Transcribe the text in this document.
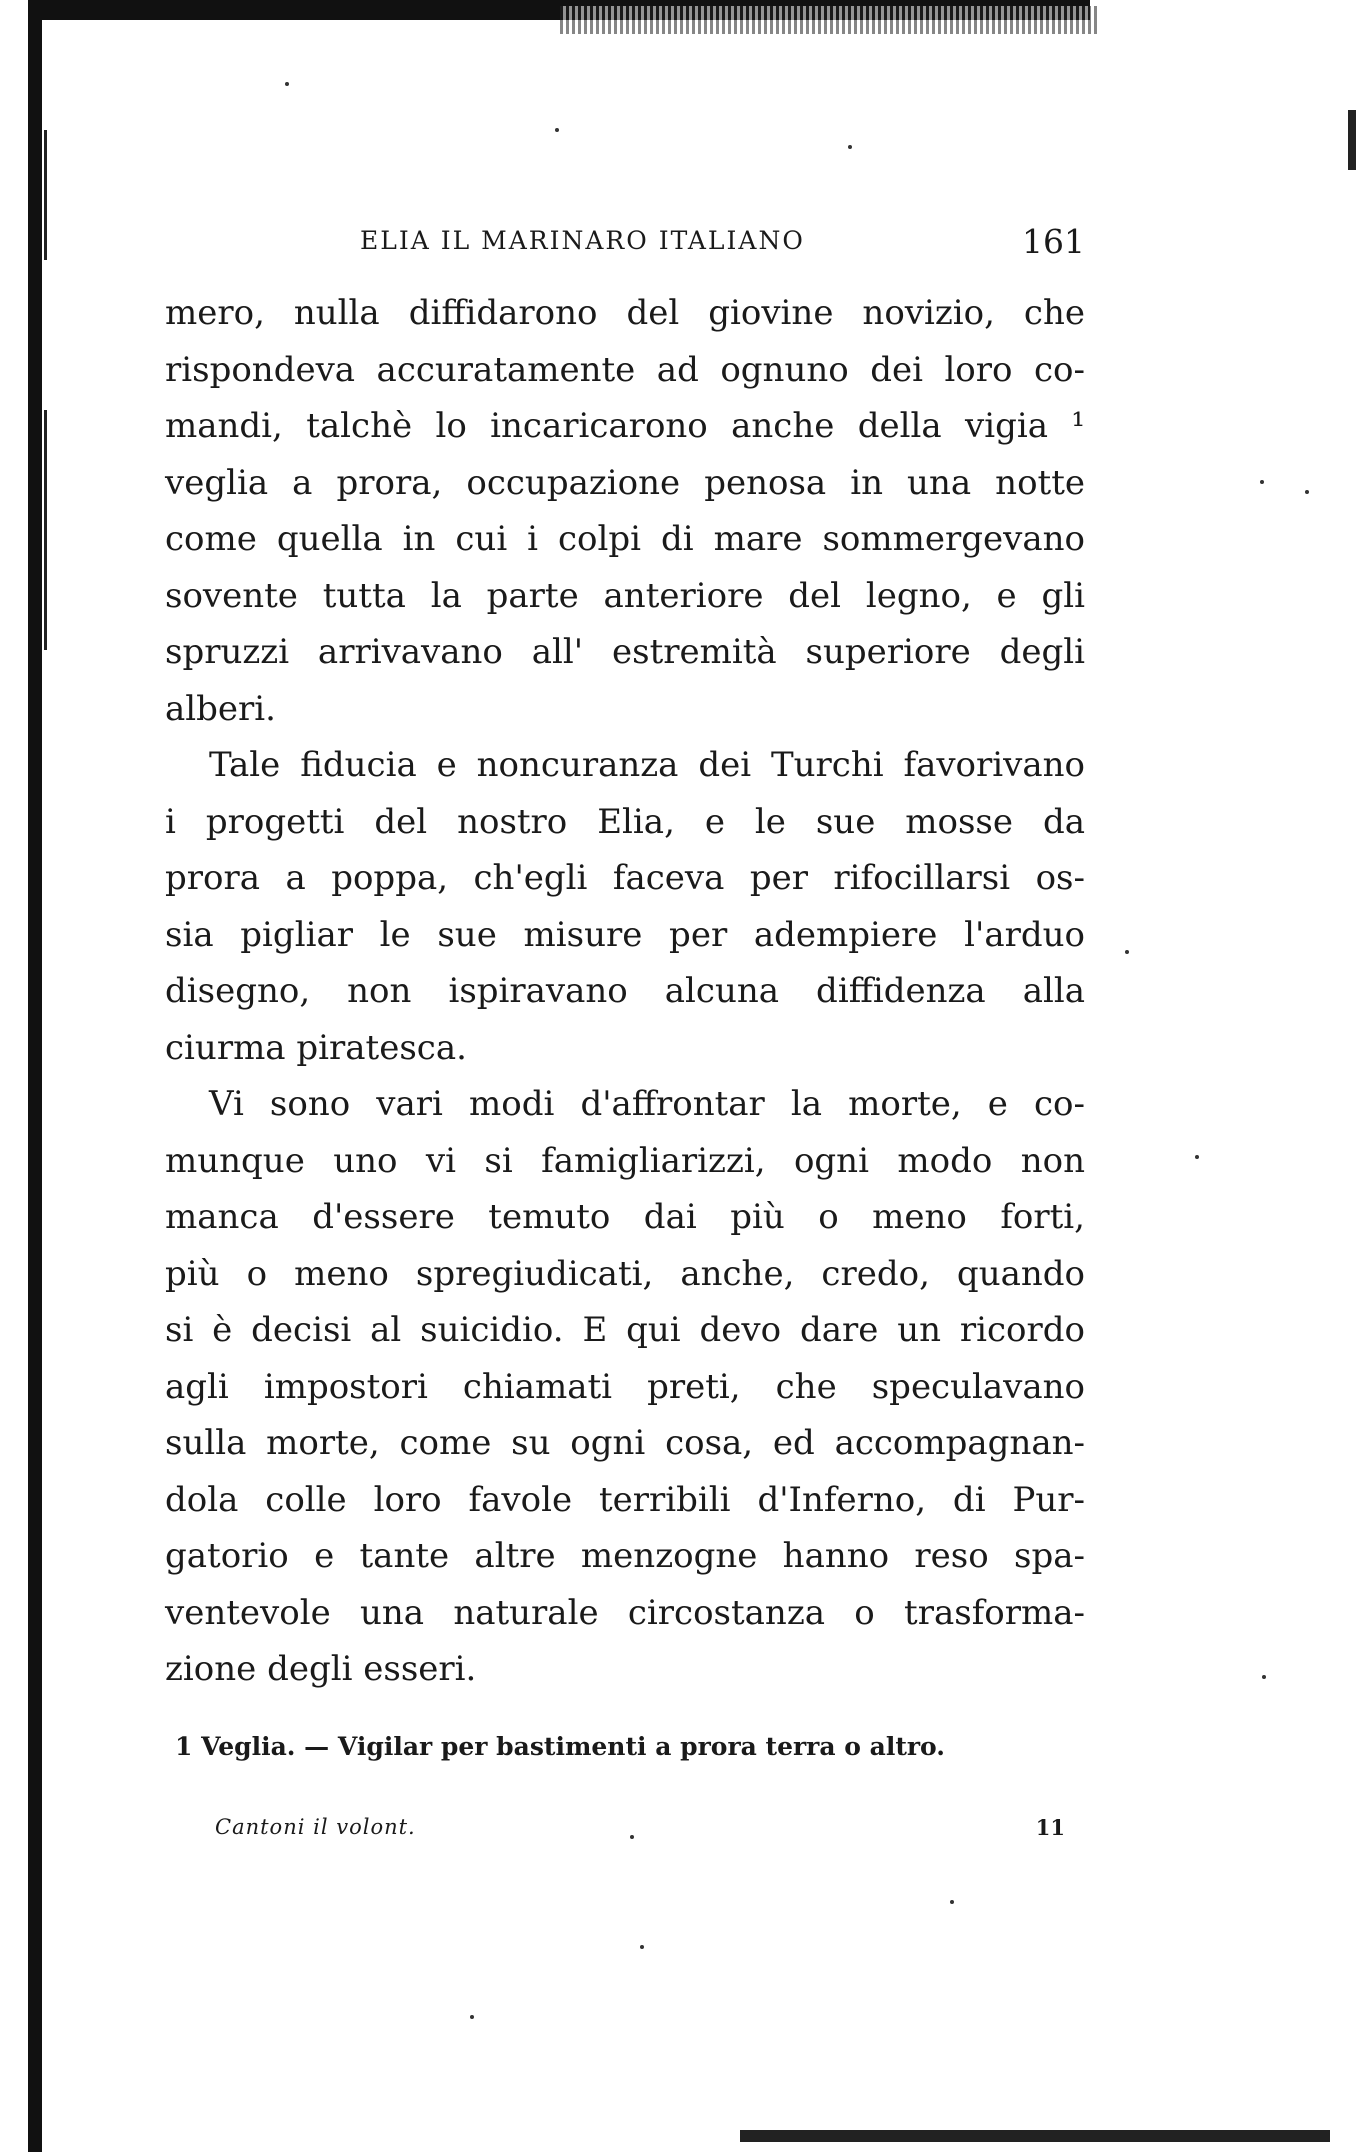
ELIA IL MARINARO ITALIANO	161
mero, nulla diffidarono del giovine novizio, che
rispondeva accuratamente ad ognuno dei loro co-
mandi, talchè lo incaricarono anche della vigia ¹
veglia a prora, occupazione penosa in una notte
come quella in cui i colpi di mare sommergevano
sovente tutta la parte anteriore del legno, e gli
spruzzi arrivavano all' estremità superiore degli
alberi.
Tale fiducia e noncuranza dei Turchi favorivano
i progetti del nostro Elia, e le sue mosse da
prora a poppa, ch'egli faceva per rifocillarsi os-
sia pigliar le sue misure per adempiere l'arduo
disegno, non ispiravano alcuna diffidenza alla
ciurma piratesca.
Vi sono vari modi d'affrontar la morte, e co-
munque uno vi si famigliarizzi, ogni modo non
manca d'essere temuto dai più o meno forti,
più o meno spregiudicati, anche, credo, quando
si è decisi al suicidio. E qui devo dare un ricordo
agli impostori chiamati preti, che speculavano
sulla morte, come su ogni cosa, ed accompagnan-
dola colle loro favole terribili d'Inferno, di Pur-
gatorio e tante altre menzogne hanno reso spa-
ventevole una naturale circostanza o trasforma-
zione degli esseri.
1 Veglia. — Vigilar per bastimenti a prora terra o altro.
Cantoni il volont.	11
